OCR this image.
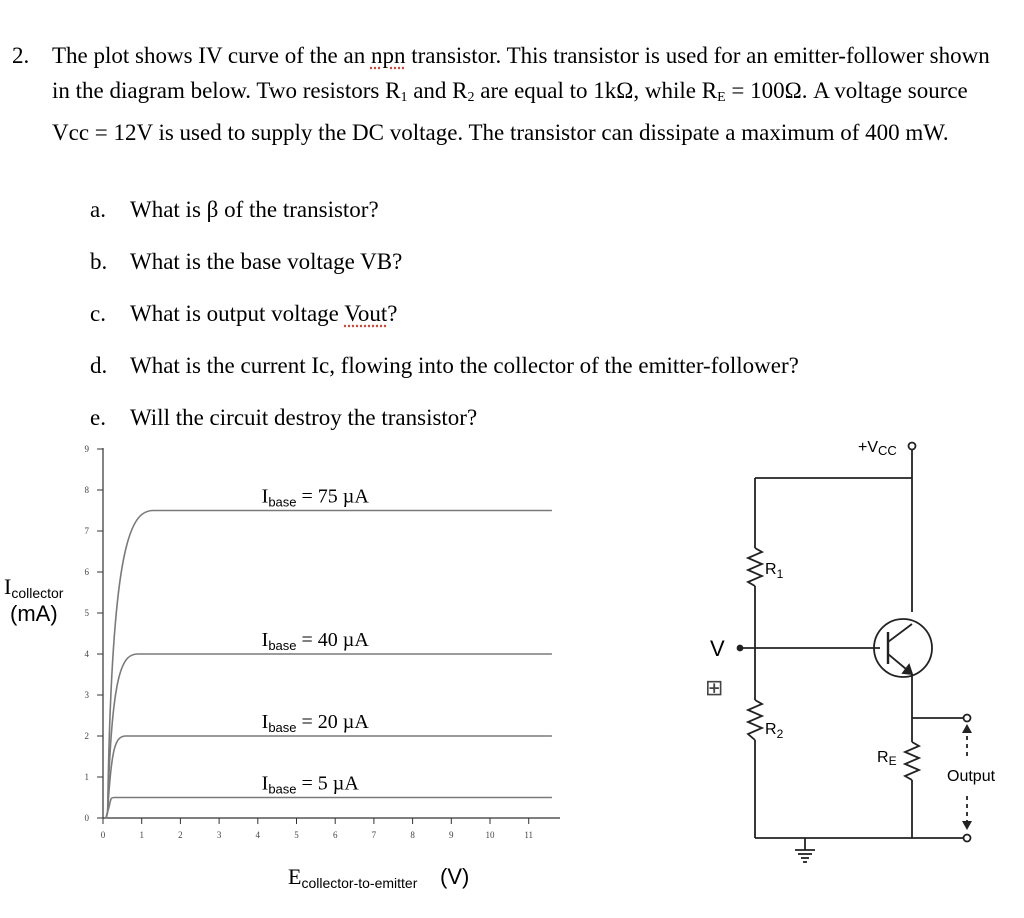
2. The plot shows IV curve of the an npn transistor. This transistor is used for an emitter-follower shown in the diagram below. Two resistors $R_1$ and $R_2$ are equal to 1kΩ, while $R_E = 100\Omega$. A voltage source Vcc = 12V is used to supply the DC voltage. The transistor can dissipate a maximum of 400 mW.
a. What is β of the transistor?
b. What is the base voltage VB?
c. What is output voltage Vout?
d. What is the current Ic, flowing into the collector of the emitter-follower?
e. Will the circuit destroy the transistor?
0
1
2
3
4
5
6
7
8
9
0	1	2	3	4	5	6	7	8	9	10	11
$I_{base} = 75$ µA
$I_{base} = 40$ µA
$I_{base} = 20$ µA
$I_{base} = 5$ µA
Icollector
(mA)
Ecollector-to-emitter (V)
+VCC
$R_1$
$R_2$
RE
Output
V
⊞
